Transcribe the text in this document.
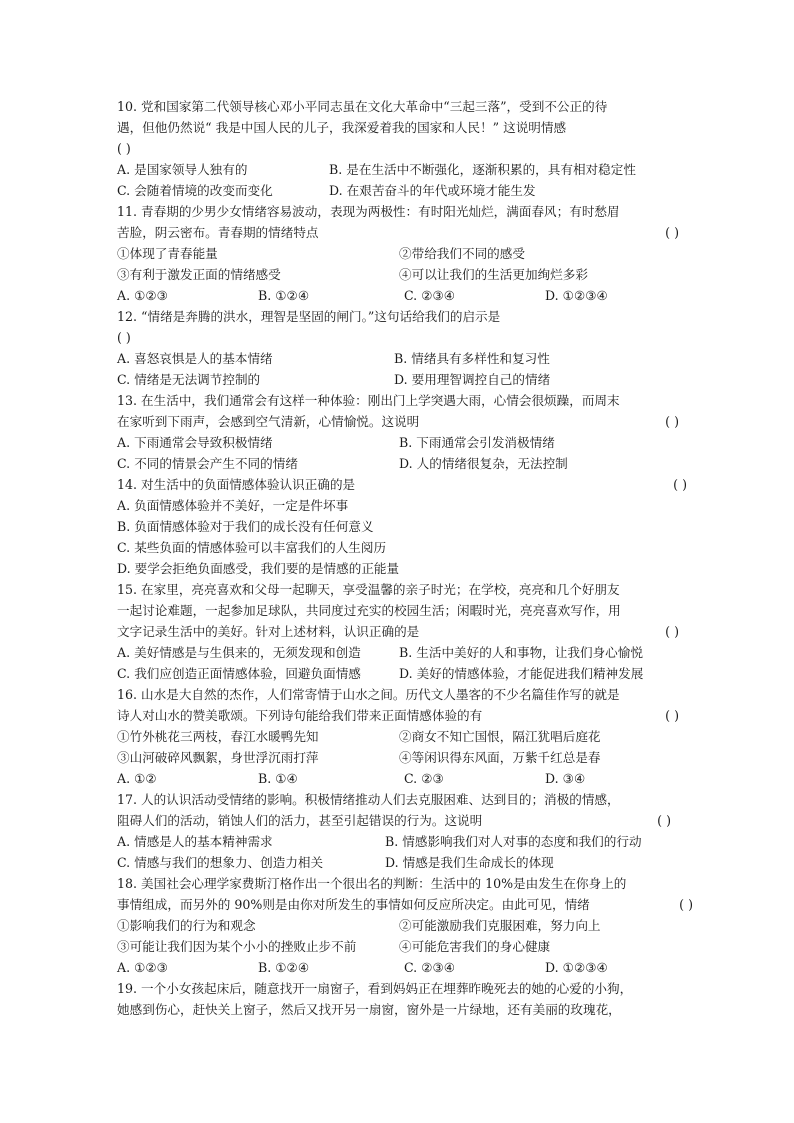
10. 党和国家第二代领导核心邓小平同志虽在文化大革命中“三起三落”，受到不公正的待
遇，但他仍然说“ 我是中国人民的儿子，我深爱着我的国家和人民！” 这说明情感
( )
A. 是国家领导人独有的	B. 是在生活中不断强化，逐渐积累的，具有相对稳定性
C. 会随着情境的改变而变化	D. 在艰苦奋斗的年代或环境才能生发
11. 青春期的少男少女情绪容易波动，表现为两极性：有时阳光灿烂，满面春风；有时愁眉
苦脸，阴云密布。青春期的情绪特点	( )
①体现了青春能量	②带给我们不同的感受
③有利于激发正面的情绪感受	④可以让我们的生活更加绚烂多彩
A. ①②③	B. ①②④	C. ②③④	D. ①②③④
12. “情绪是奔腾的洪水，理智是坚固的闸门。”这句话给我们的启示是
( )
A. 喜怒哀惧是人的基本情绪	B. 情绪具有多样性和复习性
C. 情绪是无法调节控制的	D. 要用理智调控自己的情绪
13. 在生活中，我们通常会有这样一种体验：刚出门上学突遇大雨，心情会很烦躁，而周末
在家听到下雨声，会感到空气清新，心情愉悦。这说明	( )
A. 下雨通常会导致积极情绪	B. 下雨通常会引发消极情绪
C. 不同的情景会产生不同的情绪	D. 人的情绪很复杂，无法控制
14. 对生活中的负面情感体验认识正确的是	( )
A. 负面情感体验并不美好，一定是件坏事
B. 负面情感体验对于我们的成长没有任何意义
C. 某些负面的情感体验可以丰富我们的人生阅历
D. 要学会拒绝负面感受，我们要的是情感的正能量
15. 在家里，亮亮喜欢和父母一起聊天，享受温馨的亲子时光；在学校，亮亮和几个好朋友
一起讨论难题，一起参加足球队，共同度过充实的校园生活；闲暇时光，亮亮喜欢写作，用
文字记录生活中的美好。针对上述材料，认识正确的是	( )
A. 美好情感是与生俱来的，无须发现和创造	B. 生活中美好的人和事物，让我们身心愉悦
C. 我们应创造正面情感体验，回避负面情感	D. 美好的情感体验，才能促进我们精神发展
16. 山水是大自然的杰作，人们常寄情于山水之间。历代文人墨客的不少名篇佳作写的就是
诗人对山水的赞美歌颂。下列诗句能给我们带来正面情感体验的有	( )
①竹外桃花三两枝，春江水暖鸭先知	②商女不知亡国恨，隔江犹唱后庭花
③山河破碎风飘絮，身世浮沉雨打萍	④等闲识得东风面，万紫千红总是春
A. ①②	B. ①④	C. ②③	D. ③④
17. 人的认识活动受情绪的影响。积极情绪推动人们去克服困难、达到目的；消极的情感，
阻碍人们的活动，销蚀人们的活力，甚至引起错误的行为。这说明	( )
A. 情感是人的基本精神需求	B. 情感影响我们对人对事的态度和我们的行动
C. 情感与我们的想象力、创造力相关	D. 情感是我们生命成长的体现
18. 美国社会心理学家费斯汀格作出一个很出名的判断：生活中的 10%是由发生在你身上的
事情组成，而另外的 90%则是由你对所发生的事情如何反应所决定。由此可见，情绪	( )
①影响我们的行为和观念	②可能激励我们克服困难，努力向上
③可能让我们因为某个小小的挫败止步不前	④可能危害我们的身心健康
A. ①②③	B. ①②④	C. ②③④	D. ①②③④
19. 一个小女孩起床后，随意找开一扇窗子，看到妈妈正在埋葬昨晚死去的她的心爱的小狗，
她感到伤心，赶快关上窗子，然后又找开另一扇窗，窗外是一片绿地，还有美丽的玫瑰花，
